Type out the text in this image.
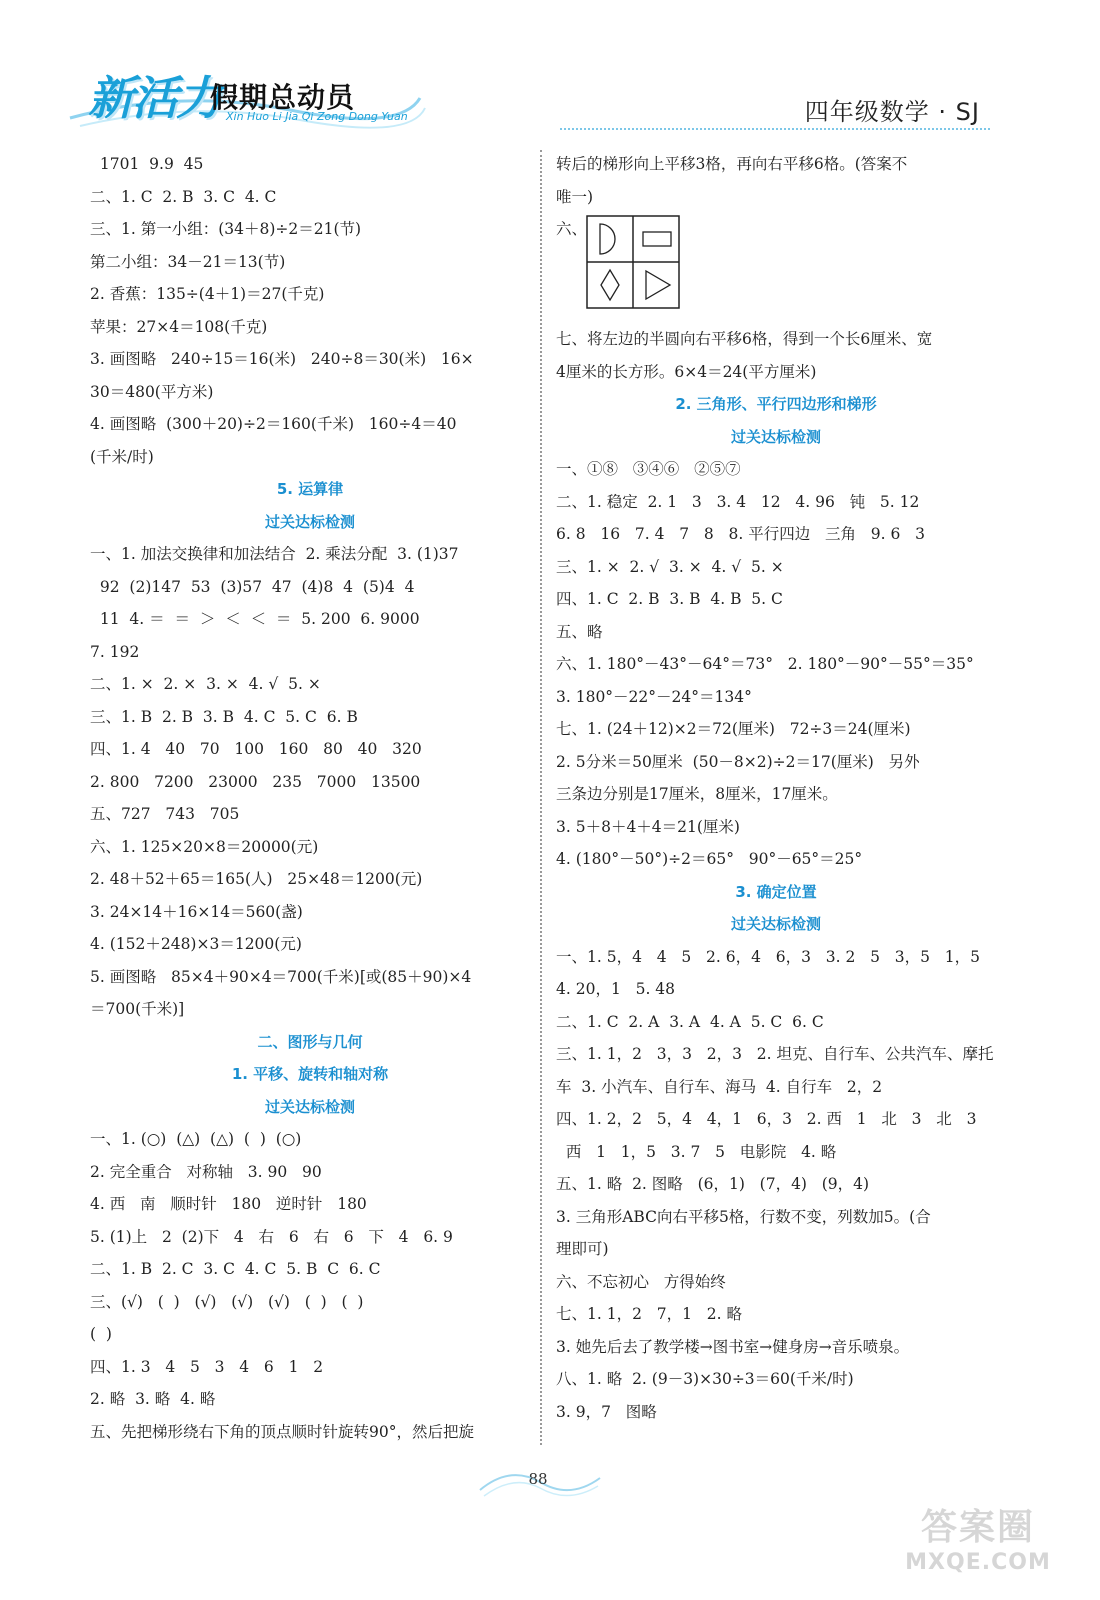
新活力
假期总动员
Xin Huo Li Jia Qi Zong Dong Yuan	四年级数学 · SJ
1701  9.9  45
二、1. C  2. B  3. C  4. C
三、1. 第一小组：(34＋8)÷2＝21(节)
第二小组：34－21＝13(节)
2. 香蕉：135÷(4＋1)＝27(千克)
苹果：27×4＝108(千克)
3. 画图略   240÷15＝16(米)   240÷8＝30(米)   16×
30＝480(平方米)
4. 画图略  (300＋20)÷2＝160(千米)   160÷4＝40
(千米/时)
5. 运算律
过关达标检测
一、1. 加法交换律和加法结合  2. 乘法分配  3. (1)37
92  (2)147  53  (3)57  47  (4)8  4  (5)4  4
11  4. ＝  ＝  ＞  ＜  ＜  ＝  5. 200  6. 9000
7. 192
二、1. ×  2. ×  3. ×  4. √  5. ×
三、1. B  2. B  3. B  4. C  5. C  6. B
四、1. 4   40   70   100   160   80   40   320
2. 800   7200   23000   235   7000   13500
五、727   743   705
六、1. 125×20×8＝20000(元)
2. 48＋52＋65＝165(人)   25×48＝1200(元)
3. 24×14＋16×14＝560(盏)
4. (152＋248)×3＝1200(元)
5. 画图略   85×4＋90×4＝700(千米)[或(85＋90)×4
＝700(千米)]
二、图形与几何
1. 平移、旋转和轴对称
过关达标检测
一、1. (○)  (△)  (△)  (  )  (○)
2. 完全重合   对称轴   3. 90   90
4. 西   南   顺时针   180   逆时针   180
5. (1)上   2  (2)下   4   右   6   右   6   下   4   6. 9
二、1. B  2. C  3. C  4. C  5. B  C  6. C
三、(√)   (  )   (√)   (√)   (√)   (  )   (  )
(  )
四、1. 3   4   5   3   4   6   1   2
2. 略  3. 略  4. 略
五、先把梯形绕右下角的顶点顺时针旋转90°，然后把旋
转后的梯形向上平移3格，再向右平移6格。(答案不
唯一)
六、
七、将左边的半圆向右平移6格，得到一个长6厘米、宽
4厘米的长方形。6×4＝24(平方厘米)
2. 三角形、平行四边形和梯形
过关达标检测
一、①⑧   ③④⑥   ②⑤⑦
二、1. 稳定  2. 1   3   3. 4   12   4. 96   钝   5. 12
6. 8   16   7. 4   7   8   8. 平行四边   三角   9. 6   3
三、1. ×  2. √  3. ×  4. √  5. ×
四、1. C  2. B  3. B  4. B  5. C
五、略
六、1. 180°－43°－64°＝73°   2. 180°－90°－55°＝35°
3. 180°－22°－24°＝134°
七、1. (24＋12)×2＝72(厘米)   72÷3＝24(厘米)
2. 5分米＝50厘米  (50－8×2)÷2＝17(厘米)   另外
三条边分别是17厘米，8厘米，17厘米。
3. 5＋8＋4＋4＝21(厘米)
4. (180°－50°)÷2＝65°   90°－65°＝25°
3. 确定位置
过关达标检测
一、1. 5，4   4   5   2. 6，4   6，3   3. 2   5   3，5   1，5
4. 20，1   5. 48
二、1. C  2. A  3. A  4. A  5. C  6. C
三、1. 1，2   3，3   2，3   2. 坦克、自行车、公共汽车、摩托
车  3. 小汽车、自行车、海马  4. 自行车   2，2
四、1. 2，2   5，4   4，1   6，3   2. 西   1   北   3   北   3
西   1   1，5   3. 7   5   电影院   4. 略
五、1. 略  2. 图略   (6，1)   (7，4)   (9，4)
3. 三角形ABC向右平移5格，行数不变，列数加5。(合
理即可)
六、不忘初心   方得始终
七、1. 1，2   7，1   2. 略
3. 她先后去了教学楼→图书室→健身房→音乐喷泉。
八、1. 略  2. (9－3)×30÷3＝60(千米/时)
3. 9，7   图略
88
答案圈
MXQE.COM
